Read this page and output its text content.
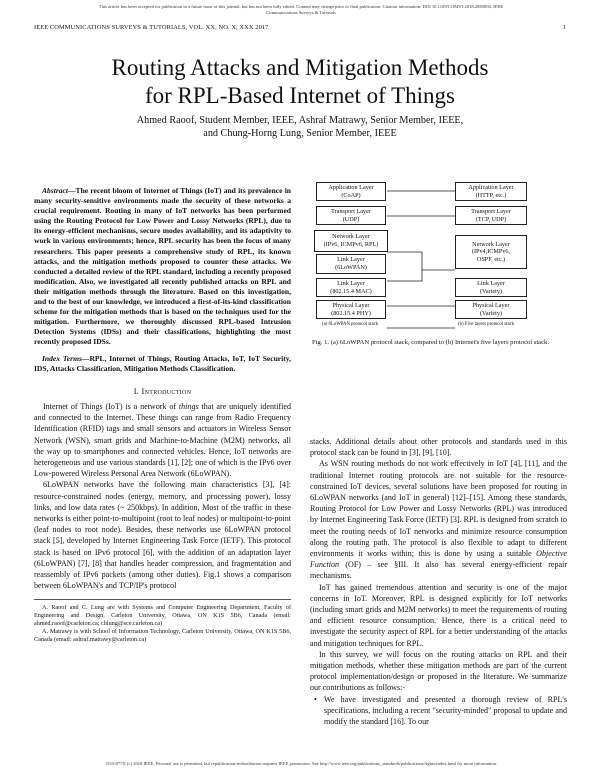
This article has been accepted for publication in a future issue of this journal, but has not been fully edited. Content may change prior to final publication. Citation information: DOI 10.1109/COMST.2018.2885894, IEEE
Communications Surveys & Tutorials
IEEE COMMUNICATIONS SURVEYS & TUTORIALS, VOL. XX, NO. X, XXX 2017	1
Routing Attacks and Mitigation Methods
for RPL-Based Internet of Things
Ahmed Raoof, Student Member, IEEE, Ashraf Matrawy, Senior Member, IEEE,
and Chung-Horng Lung, Senior Member, IEEE

Abstract—The recent bloom of Internet of Things (IoT) and its prevalence in many security-sensitive environments made the security of these networks a crucial requirement. Routing in many of IoT networks has been performed using the Routing Protocol for Low Power and Lossy Networks (RPL), due to its energy-efficient mechanisms, secure modes availability, and its adaptivity to work in various environments; hence, RPL security has been the focus of many researchers. This paper presents a comprehensive study of RPL, its known attacks, and the mitigation methods proposed to counter these attacks. We conducted a detailed review of the RPL standard, including a recently proposed modification. Also, we investigated all recently published attacks on RPL and their mitigation methods through the literature. Based on this investigation, and to the best of our knowledge, we introduced a first-of-its-kind classification scheme for the mitigation methods that is based on the techniques used for the mitigation. Furthermore, we thoroughly discussed RPL-based Intrusion Detection Systems (IDSs) and their classifications, highlighting the most recently proposed IDSs.

Index Terms—RPL, Internet of Things, Routing Attacks, IoT, IoT Security, IDS, Attacks Classification, Mitigation Methods Classification.

I. Introduction

Internet of Things (IoT) is a network of things that are uniquely identified and connected to the Internet. These things can range from Radio Frequency Identification (RFID) tags and small sensors and actuators in Wireless Sensor Network (WSN), smart grids and Machine-to-Machine (M2M) networks, all the way up to smartphones and connected vehicles. Hence, IoT networks are heterogeneous and use various standards [1], [2]; one of which is the IPv6 over Low-powered Wireless Personal Area Network (6LoWPAN).

6LoWPAN networks have the following main characteristics [3], [4]: resource-constrained nodes (energy, memory, and processing power), lossy links, and low data rates (~ 250kbps). In addition, Most of the traffic in these networks is either point-to-multipoint (root to leaf nodes) or multipoint-to-point (leaf nodes to root node). Besides, these networks use 6LoWPAN protocol stack [5], developed by Internet Engineering Task Force (IETF). This protocol stack is based on IPv6 protocol [6], with the addition of an adaptation layer (6LoWPAN) [7], [8] that handles header compression, and fragmentation and reassembly of IPv6 packets (among other duties). Fig.1 shows a comparison between 6LoWPAN's and TCP/IP's protocol

A. Raoof and C. Lung are with Systems and Computer Engineering Department, Faculty of Engineering and Design, Carleton University, Ottawa, ON K1S 5B6, Canada (email: ahmed.raoof@carleton.ca; chlung@sce.carleton.ca)

A. Matrawy is with School of Information Technology, Carleton University, Ottawa, ON K1S 5B6, Canada (email: ashraf.matrawy@carleton.ca)

Application Layer
(CoAP)
Transport Layer
(UDP)
Network Layer
(IPv6, ICMPv6, RPL)
Link Layer
(6LoWPAN)
Link Layer
(802.15.4 MAC)
Physical Layer
(802.15.4 PHY)
Application Layer
(HTTP, etc.)
Transport Layer
(TCP, UDP)
Network Layer
(IPv4,ICMPv6,
OSPF, etc.)
Link Layer
(Variety)
Physical Layer
(Variety)
(a) 6LoWPAN protocol stack	(b) Five layers protocol stack
Fig. 1. (a) 6LoWPAN protocol stack, compared to (b) Internet's five layers protocol stack.

stacks. Additional details about other protocols and standards used in this protocol stack can be found in [3], [9], [10].

As WSN routing methods do not work effectively in IoT [4], [11], and the traditional Internet routing protocols are not suitable for the resource-constrained IoT devices, several solutions have been proposed for routing in 6LoWPAN networks (and IoT in general) [12]–[15]. Among these standards, Routing Protocol for Low Power and Lossy Networks (RPL) was introduced by Internet Engineering Task Force (IETF) [3]. RPL is designed from scratch to meet the routing needs of IoT networks and minimize resource consumption along the routing path. The protocol is also flexible to adapt to different environments it works within; this is done by using a suitable Objective Function (OF) – see §III. It also has several energy-efficient repair mechanisms.

IoT has gained tremendous attention and security is one of the major concerns in IoT. Moreover, RPL is designed explicitly for IoT networks (including smart grids and M2M networks) to meet the requirements of routing and efficient resource consumption. Hence, there is a critical need to investigate the security aspect of RPL for a better understanding of the attacks and mitigation techniques for RPL.

In this survey, we will focus on the routing attacks on RPL and their mitigation methods, whether these mitigation methods are part of the current protocol implementation/design or proposed in the literature. We summarize our contributions as follows:-

• We have investigated and presented a thorough review of RPL's specifications, including a recent "security-minded" proposal to update and modify the standard [16]. To our
1553-877X (c) 2018 IEEE. Personal use is permitted, but republication/redistribution requires IEEE permission. See http://www.ieee.org/publications_standards/publications/rights/index.html for more information.
